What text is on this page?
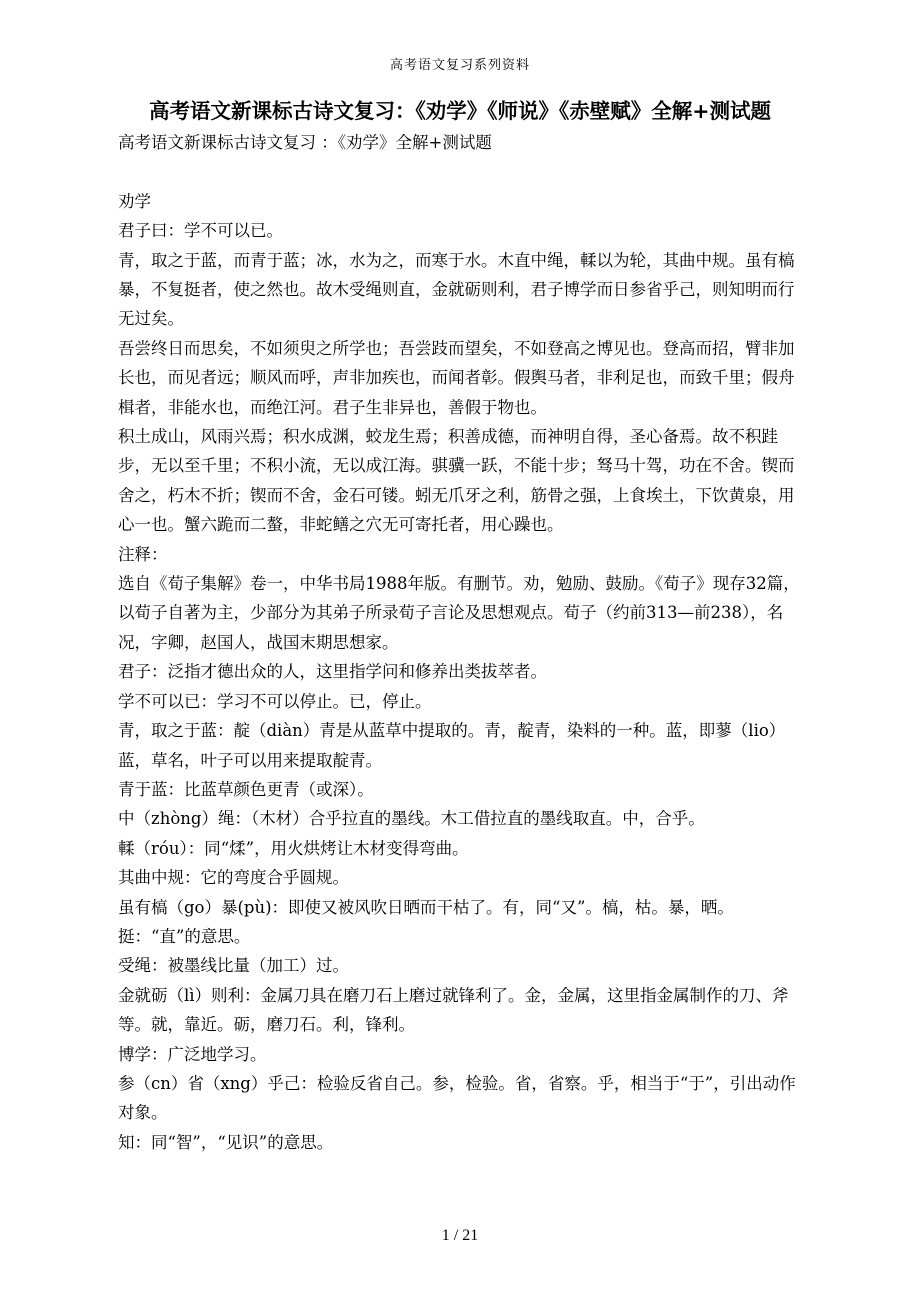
高考语文复习系列资料
高考语文新课标古诗文复习：《劝学》《师说》《赤壁赋》全解+测试题

高考语文新课标古诗文复习 ：《劝学》全解+测试题

劝学

君子曰：学不可以已。

青，取之于蓝，而青于蓝；冰，水为之，而寒于水。木直中绳，輮以为轮，其曲中规。虽有槁暴，不复挺者，使之然也。故木受绳则直，金就砺则利，君子博学而日参省乎己，则知明而行无过矣。

吾尝终日而思矣，不如须臾之所学也；吾尝跂而望矣，不如登高之博见也。登高而招，臂非加长也，而见者远；顺风而呼，声非加疾也，而闻者彰。假舆马者，非利足也，而致千里；假舟楫者，非能水也，而绝江河。君子生非异也，善假于物也。

积土成山，风雨兴焉；积水成渊，蛟龙生焉；积善成德，而神明自得，圣心备焉。故不积跬步，无以至千里；不积小流，无以成江海。骐骥一跃，不能十步；驽马十驾，功在不舍。锲而舍之，朽木不折；锲而不舍，金石可镂。蚓无爪牙之利，筋骨之强，上食埃土，下饮黄泉，用心一也。蟹六跪而二螯，非蛇鳝之穴无可寄托者，用心躁也。

注释：

选自《荀子集解》卷一，中华书局1988年版。有删节。劝，勉励、鼓励。《荀子》现存32篇，以荀子自著为主，少部分为其弟子所录荀子言论及思想观点。荀子（约前313—前238），名况，字卿，赵国人，战国末期思想家。

君子：泛指才德出众的人，这里指学问和修养出类拔萃者。

学不可以已：学习不可以停止。已，停止。

青，取之于蓝：靛（diàn）青是从蓝草中提取的。青，靛青，染料的一种。蓝，即蓼（lio）蓝，草名，叶子可以用来提取靛青。

青于蓝：比蓝草颜色更青（或深）。

中（zhòng）绳：（木材）合乎拉直的墨线。木工借拉直的墨线取直。中，合乎。

輮（róu）：同“煣”，用火烘烤让木材变得弯曲。

其曲中规：它的弯度合乎圆规。

虽有槁（go）暴(pù)：即使又被风吹日晒而干枯了。有，同“又”。槁，枯。暴，晒。

挺：“直”的意思。

受绳：被墨线比量（加工）过。

金就砺（lì）则利：金属刀具在磨刀石上磨过就锋利了。金，金属，这里指金属制作的刀、斧等。就，靠近。砺，磨刀石。利，锋利。

博学：广泛地学习。

参（cn）省（xng）乎己：检验反省自己。参，检验。省，省察。乎，相当于“于”，引出动作对象。

知：同“智”，“见识”的意思。

1 / 21
